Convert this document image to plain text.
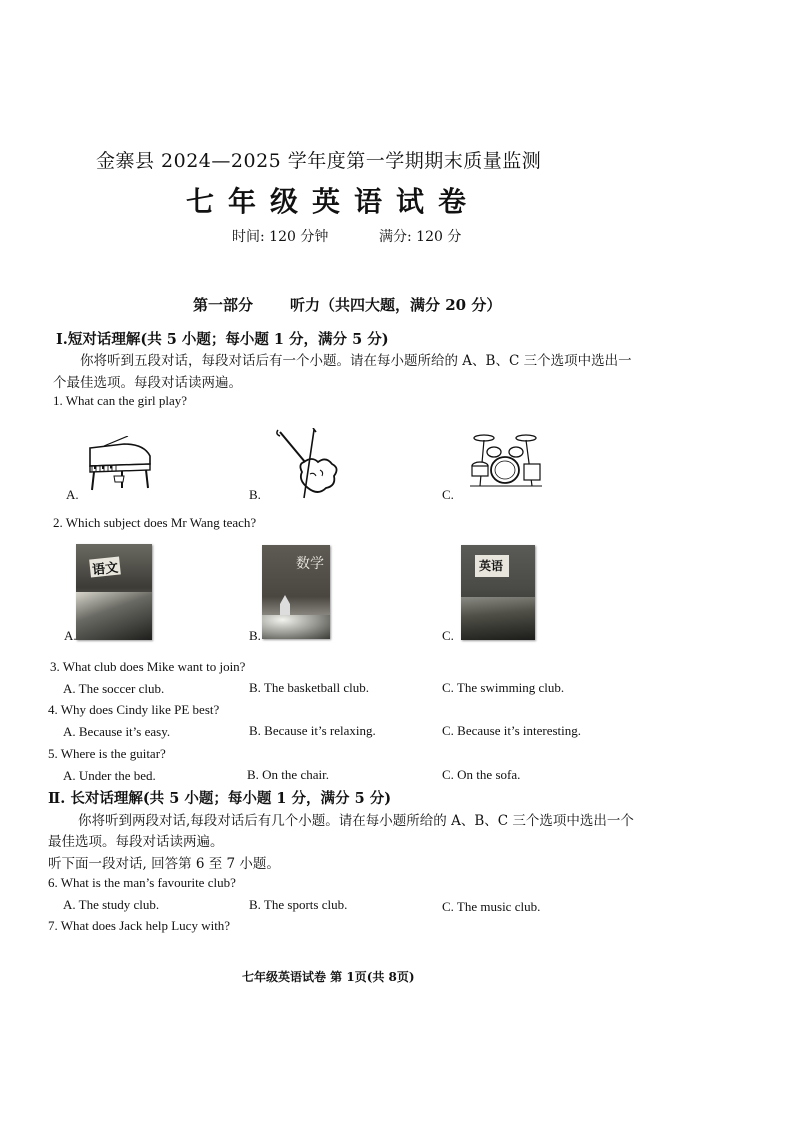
金寨县 2024—2025 学年度第一学期期末质量监测
七年级英语试卷
时间: 120 分钟	满分: 120 分
第一部分 听力（共四大题，满分 20 分）
Ⅰ.短对话理解(共 5 小题；每小题 1 分，满分 5 分)
你将听到五段对话，每段对话后有一个小题。请在每小题所给的 A、B、C 三个选项中选出一
个最佳选项。每段对话读两遍。
1. What can the girl play?
A.	B.	C.
2. Which subject does Mr Wang teach?
语文
A.
数学
B.
英语
C.
3. What club does Mike want to join?
A. The soccer club.	B. The basketball club.	C. The swimming club.
4. Why does Cindy like PE best?
A. Because it’s easy.	B. Because it’s relaxing.	C. Because it’s interesting.
5. Where is the guitar?
A. Under the bed.	B. On the chair.	C. On the sofa.
Ⅱ. 长对话理解(共 5 小题；每小题 1 分，满分 5 分)
你将听到两段对话,每段对话后有几个小题。请在每小题所给的 A、B、C 三个选项中选出一个
最佳选项。每段对话读两遍。
听下面一段对话, 回答第 6 至 7 小题。
6. What is the man’s favourite club?
A. The study club.	B. The sports club.	C. The music club.
7. What does Jack help Lucy with?
七年级英语试卷 第 1页(共 8页)
